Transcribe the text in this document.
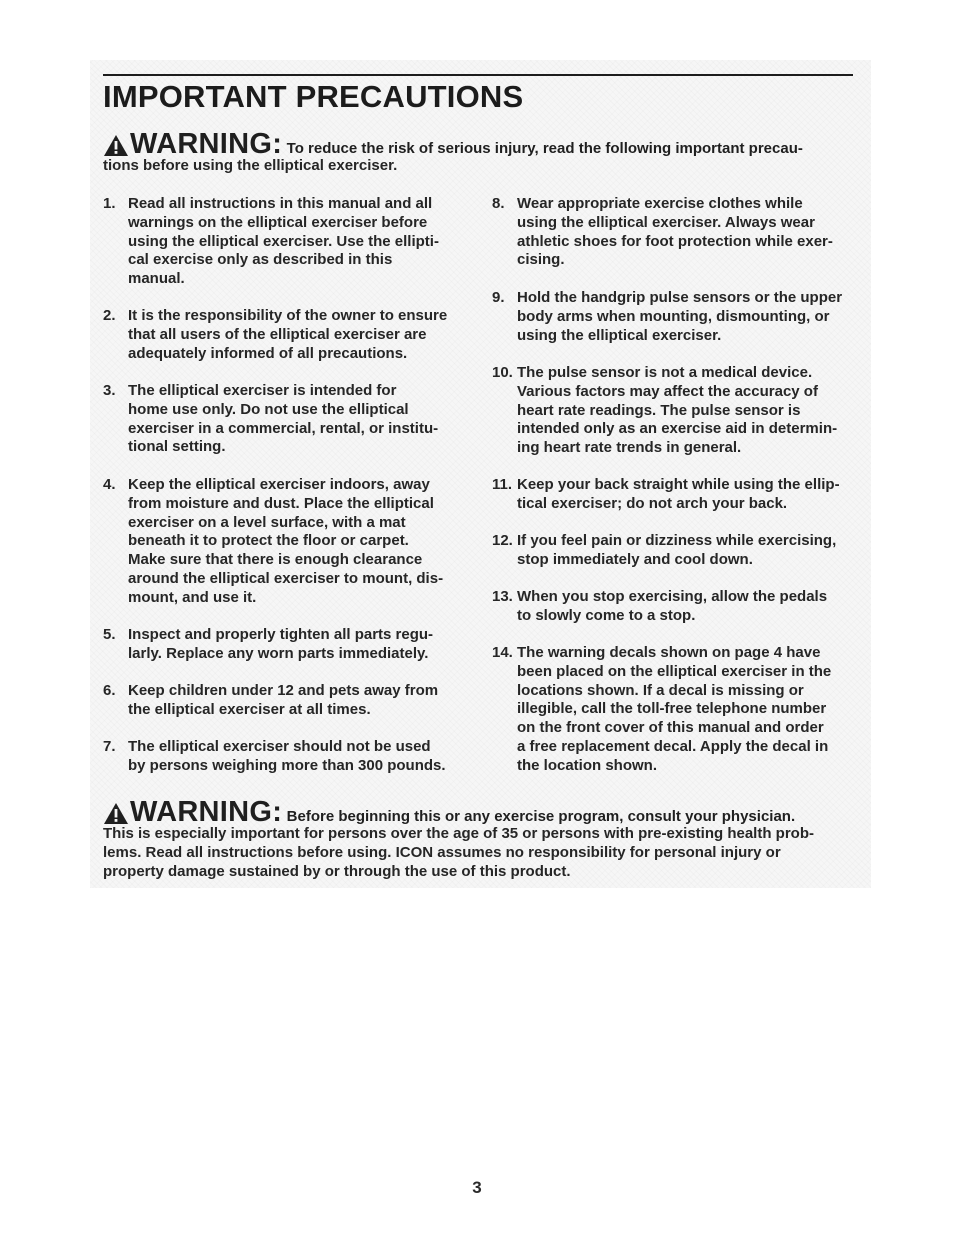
IMPORTANT PRECAUTIONS
WARNING: To reduce the risk of serious injury, read the following important precau-

tions before using the elliptical exerciser.

1. Read all instructions in this manual and all
warnings on the elliptical exerciser before
using the elliptical exerciser. Use the ellipti-
cal exercise only as described in this
manual.
2. It is the responsibility of the owner to ensure
that all users of the elliptical exerciser are
adequately informed of all precautions.
3. The elliptical exerciser is intended for
home use only. Do not use the elliptical
exerciser in a commercial, rental, or institu-
tional setting.
4. Keep the elliptical exerciser indoors, away
from moisture and dust. Place the elliptical
exerciser on a level surface, with a mat
beneath it to protect the floor or carpet.
Make sure that there is enough clearance
around the elliptical exerciser to mount, dis-
mount, and use it.
5. Inspect and properly tighten all parts regu-
larly. Replace any worn parts immediately.
6. Keep children under 12 and pets away from
the elliptical exerciser at all times.
7. The elliptical exerciser should not be used
by persons weighing more than 300 pounds.
8. Wear appropriate exercise clothes while
using the elliptical exerciser. Always wear
athletic shoes for foot protection while exer-
cising.
9. Hold the handgrip pulse sensors or the upper
body arms when mounting, dismounting, or
using the elliptical exerciser.
10. The pulse sensor is not a medical device.
Various factors may affect the accuracy of
heart rate readings. The pulse sensor is
intended only as an exercise aid in determin-
ing heart rate trends in general.
11. Keep your back straight while using the ellip-
tical exerciser; do not arch your back.
12. If you feel pain or dizziness while exercising,
stop immediately and cool down.
13. When you stop exercising, allow the pedals
to slowly come to a stop.
14. The warning decals shown on page 4 have
been placed on the elliptical exerciser in the
locations shown. If a decal is missing or
illegible, call the toll-free telephone number
on the front cover of this manual and order
a free replacement decal. Apply the decal in
the location shown.
WARNING: Before beginning this or any exercise program, consult your physician.
This is especially important for persons over the age of 35 or persons with pre-existing health prob-
lems. Read all instructions before using. ICON assumes no responsibility for personal injury or
property damage sustained by or through the use of this product.
3
